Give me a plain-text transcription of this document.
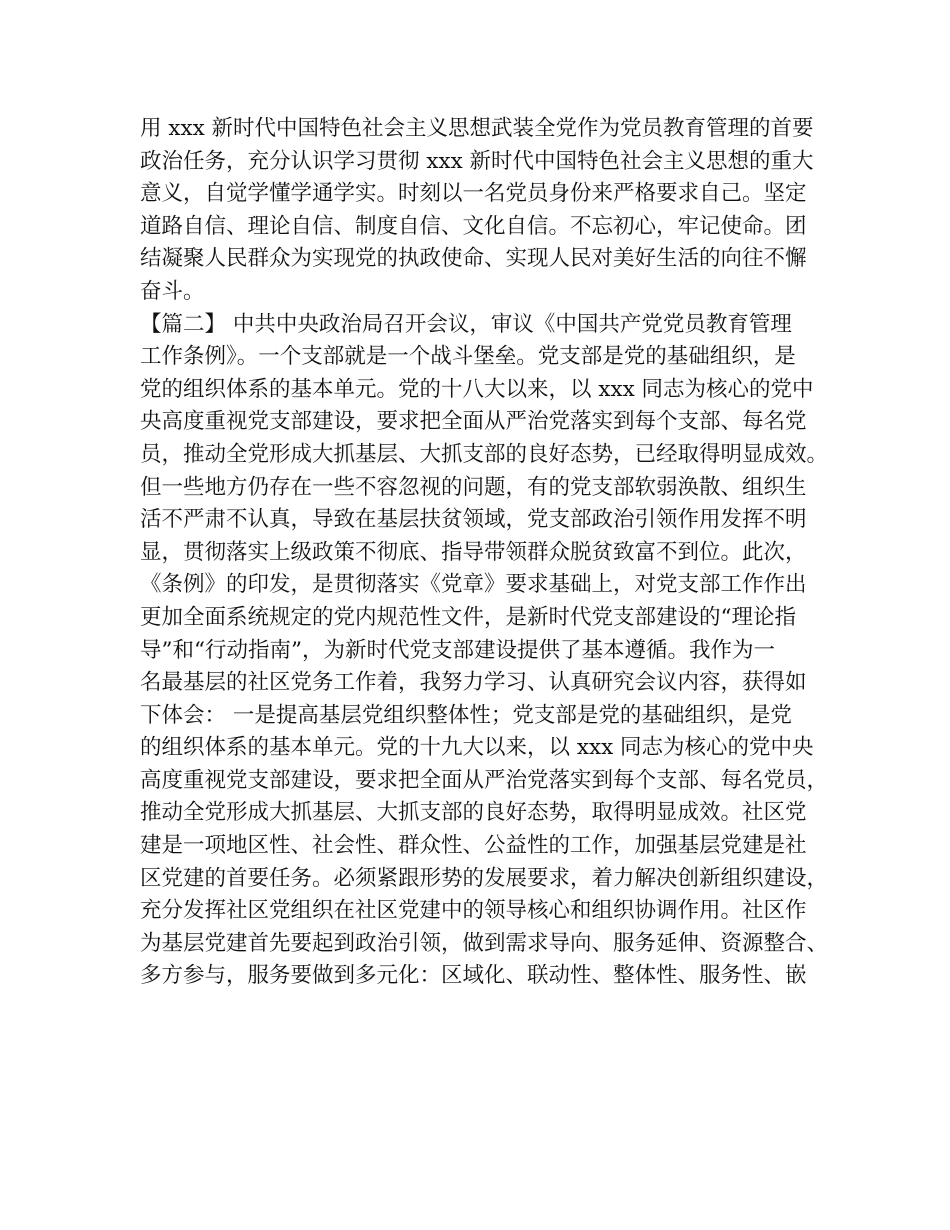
用 xxx 新时代中国特色社会主义思想武装全党作为党员教育管理的首要
政治任务，充分认识学习贯彻 xxx 新时代中国特色社会主义思想的重大
意义，自觉学懂学通学实。时刻以一名党员身份来严格要求自己。坚定
道路自信、理论自信、制度自信、文化自信。不忘初心，牢记使命。团
结凝聚人民群众为实现党的执政使命、实现人民对美好生活的向往不懈
奋斗。
【篇二】 中共中央政治局召开会议，审议《中国共产党党员教育管理
工作条例》。一个支部就是一个战斗堡垒。党支部是党的基础组织，是
党的组织体系的基本单元。党的十八大以来，以 xxx 同志为核心的党中
央高度重视党支部建设，要求把全面从严治党落实到每个支部、每名党
员，推动全党形成大抓基层、大抓支部的良好态势，已经取得明显成效。
但一些地方仍存在一些不容忽视的问题，有的党支部软弱涣散、组织生
活不严肃不认真，导致在基层扶贫领域，党支部政治引领作用发挥不明
显，贯彻落实上级政策不彻底、指导带领群众脱贫致富不到位。此次，
《条例》的印发，是贯彻落实《党章》要求基础上，对党支部工作作出
更加全面系统规定的党内规范性文件，是新时代党支部建设的“理论指
导”和“行动指南”，为新时代党支部建设提供了基本遵循。我作为一
名最基层的社区党务工作着，我努力学习、认真研究会议内容，获得如
下体会： 一是提高基层党组织整体性；党支部是党的基础组织，是党
的组织体系的基本单元。党的十九大以来，以 xxx 同志为核心的党中央
高度重视党支部建设，要求把全面从严治党落实到每个支部、每名党员，
推动全党形成大抓基层、大抓支部的良好态势，取得明显成效。社区党
建是一项地区性、社会性、群众性、公益性的工作，加强基层党建是社
区党建的首要任务。必须紧跟形势的发展要求，着力解决创新组织建设，
充分发挥社区党组织在社区党建中的领导核心和组织协调作用。社区作
为基层党建首先要起到政治引领，做到需求导向、服务延伸、资源整合、
多方参与，服务要做到多元化：区域化、联动性、整体性、服务性、嵌
